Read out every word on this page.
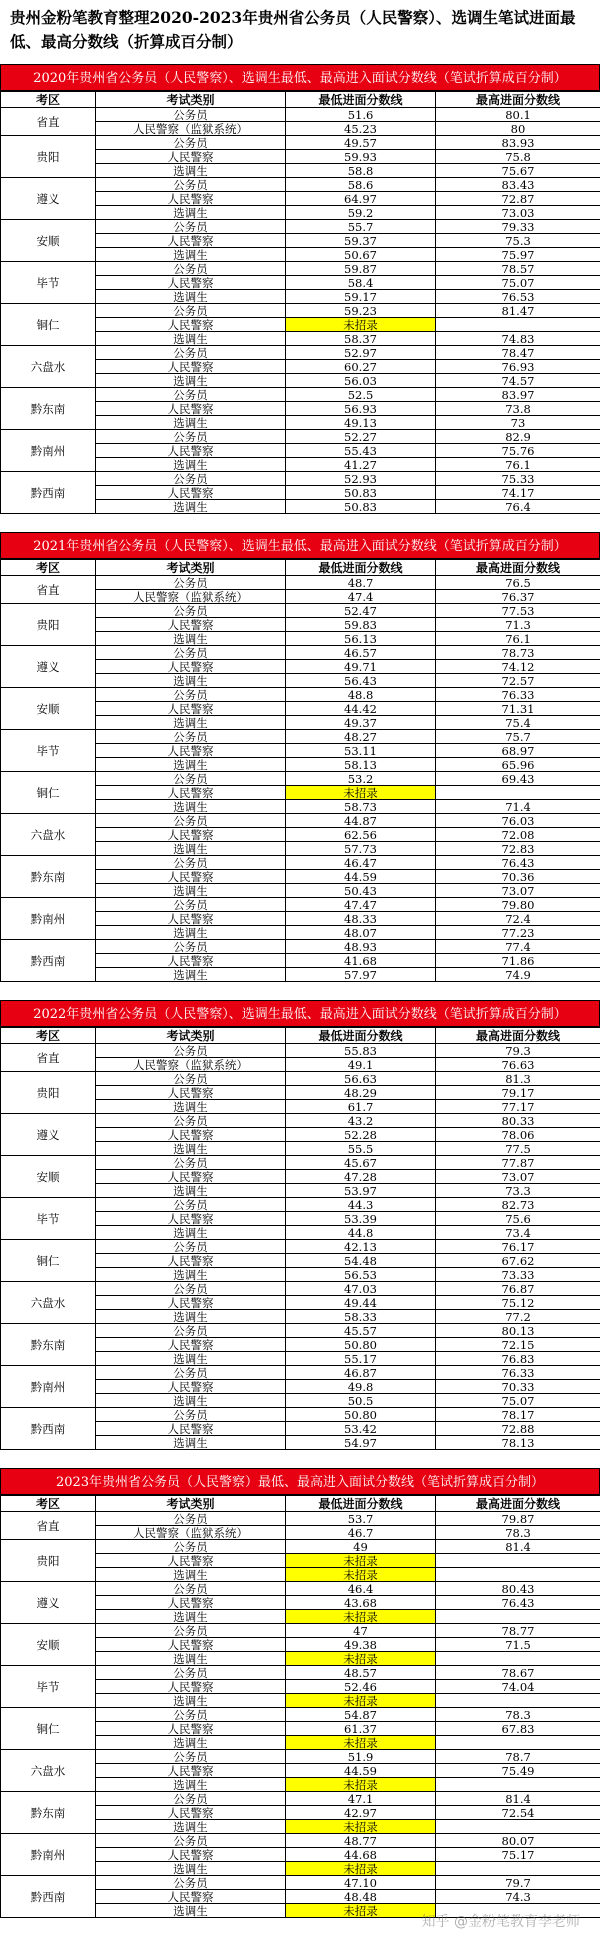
贵州金粉笔教育整理2020-2023年贵州省公务员（人民警察）、选调生笔试进面最低、最高分数线（折算成百分制）
2020年贵州省公务员（人民警察）、选调生最低、最高进入面试分数线（笔试折算成百分制）
考区	考试类别	最低进面分数线	最高进面分数线
省直	公务员	51.6	80.1
	人民警察（监狱系统）	45.23	80
贵阳	公务员	49.57	83.93
	人民警察	59.93	75.8
	选调生	58.8	75.67
遵义	公务员	58.6	83.43
	人民警察	64.97	72.87
	选调生	59.2	73.03
安顺	公务员	55.7	79.33
	人民警察	59.37	75.3
	选调生	50.67	75.97
毕节	公务员	59.87	78.57
	人民警察	58.4	75.07
	选调生	59.17	76.53
铜仁	公务员	59.23	81.47
	人民警察	未招录	
	选调生	58.37	74.83
六盘水	公务员	52.97	78.47
	人民警察	60.27	76.93
	选调生	56.03	74.57
黔东南	公务员	52.5	83.97
	人民警察	56.93	73.8
	选调生	49.13	73
黔南州	公务员	52.27	82.9
	人民警察	55.43	75.76
	选调生	41.27	76.1
黔西南	公务员	52.93	75.33
	人民警察	50.83	74.17
	选调生	50.83	76.4
2021年贵州省公务员（人民警察）、选调生最低、最高进入面试分数线（笔试折算成百分制）
考区	考试类别	最低进面分数线	最高进面分数线
省直	公务员	48.7	76.5
	人民警察（监狱系统）	47.4	76.37
贵阳	公务员	52.47	77.53
	人民警察	59.83	71.3
	选调生	56.13	76.1
遵义	公务员	46.57	78.73
	人民警察	49.71	74.12
	选调生	56.43	72.57
安顺	公务员	48.8	76.33
	人民警察	44.42	71.31
	选调生	49.37	75.4
毕节	公务员	48.27	75.7
	人民警察	53.11	68.97
	选调生	58.13	65.96
铜仁	公务员	53.2	69.43
	人民警察	未招录	
	选调生	58.73	71.4
六盘水	公务员	44.87	76.03
	人民警察	62.56	72.08
	选调生	57.73	72.83
黔东南	公务员	46.47	76.43
	人民警察	44.59	70.36
	选调生	50.43	73.07
黔南州	公务员	47.47	79.80
	人民警察	48.33	72.4
	选调生	48.07	77.23
黔西南	公务员	48.93	77.4
	人民警察	41.68	71.86
	选调生	57.97	74.9
2022年贵州省公务员（人民警察）、选调生最低、最高进入面试分数线（笔试折算成百分制）
考区	考试类别	最低进面分数线	最高进面分数线
省直	公务员	55.83	79.3
	人民警察（监狱系统）	49.1	76.63
贵阳	公务员	56.63	81.3
	人民警察	48.29	79.17
	选调生	61.7	77.17
遵义	公务员	43.2	80.33
	人民警察	52.28	78.06
	选调生	55.5	77.5
安顺	公务员	45.67	77.87
	人民警察	47.28	73.07
	选调生	53.97	73.3
毕节	公务员	44.3	82.73
	人民警察	53.39	75.6
	选调生	44.8	73.4
铜仁	公务员	42.13	76.17
	人民警察	54.48	67.62
	选调生	56.53	73.33
六盘水	公务员	47.03	76.87
	人民警察	49.44	75.12
	选调生	58.33	77.2
黔东南	公务员	45.57	80.13
	人民警察	50.80	72.15
	选调生	55.17	76.83
黔南州	公务员	46.87	76.33
	人民警察	49.8	70.33
	选调生	50.5	75.07
黔西南	公务员	50.80	78.17
	人民警察	53.42	72.88
	选调生	54.97	78.13
2023年贵州省公务员（人民警察）最低、最高进入面试分数线（笔试折算成百分制）
考区	考试类别	最低进面分数线	最高进面分数线
省直	公务员	53.7	79.87
	人民警察（监狱系统）	46.7	78.3
贵阳	公务员	49	81.4
	人民警察	未招录	
	选调生	未招录	
遵义	公务员	46.4	80.43
	人民警察	43.68	76.43
	选调生	未招录	
安顺	公务员	47	78.77
	人民警察	49.38	71.5
	选调生	未招录	
毕节	公务员	48.57	78.67
	人民警察	52.46	74.04
	选调生	未招录	
铜仁	公务员	54.87	78.3
	人民警察	61.37	67.83
	选调生	未招录	
六盘水	公务员	51.9	78.7
	人民警察	44.59	75.49
	选调生	未招录	
黔东南	公务员	47.1	81.4
	人民警察	42.97	72.54
	选调生	未招录	
黔南州	公务员	48.77	80.07
	人民警察	44.68	75.17
	选调生	未招录	
黔西南	公务员	47.10	79.7
	人民警察	48.48	74.3
	选调生	未招录	
知乎 @金粉笔教育李老师
